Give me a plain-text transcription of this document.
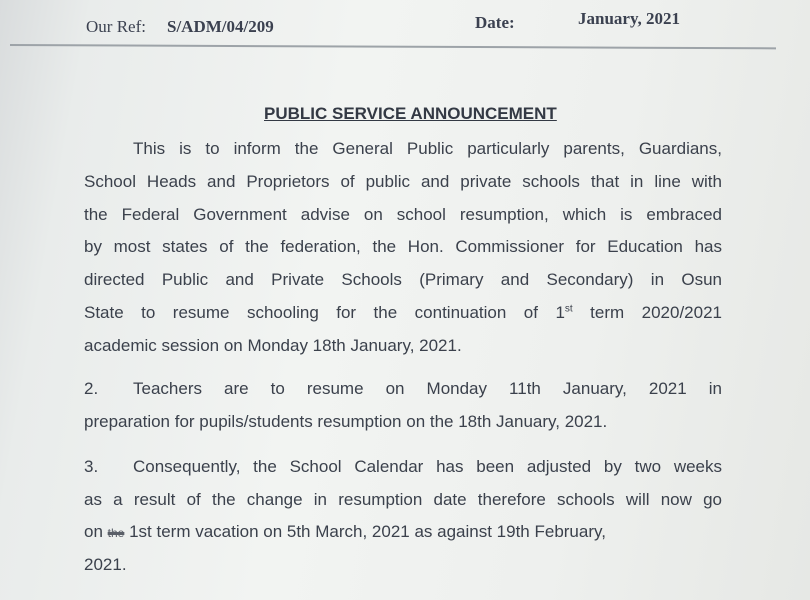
Our Ref: S/ADM/04/209	Date:	January, 2021
PUBLIC SERVICE ANNOUNCEMENT
This is to inform the General Public particularly parents, Guardians,
School Heads and Proprietors of public and private schools that in line with
the Federal Government advise on school resumption, which is embraced
by most states of the federation, the Hon. Commissioner for Education has
directed Public and Private Schools (Primary and Secondary) in Osun
State to resume schooling for the continuation of 1st term 2020/2021
academic session on Monday 18th January, 2021.
2.	Teachers are to resume on Monday 11th January, 2021 in
preparation for pupils/students resumption on the 18th January, 2021.
3.	Consequently, the School Calendar has been adjusted by two weeks
as a result of the change in resumption date therefore schools will now go
on the 1st term vacation on 5th March, 2021 as against 19th February,
2021.
